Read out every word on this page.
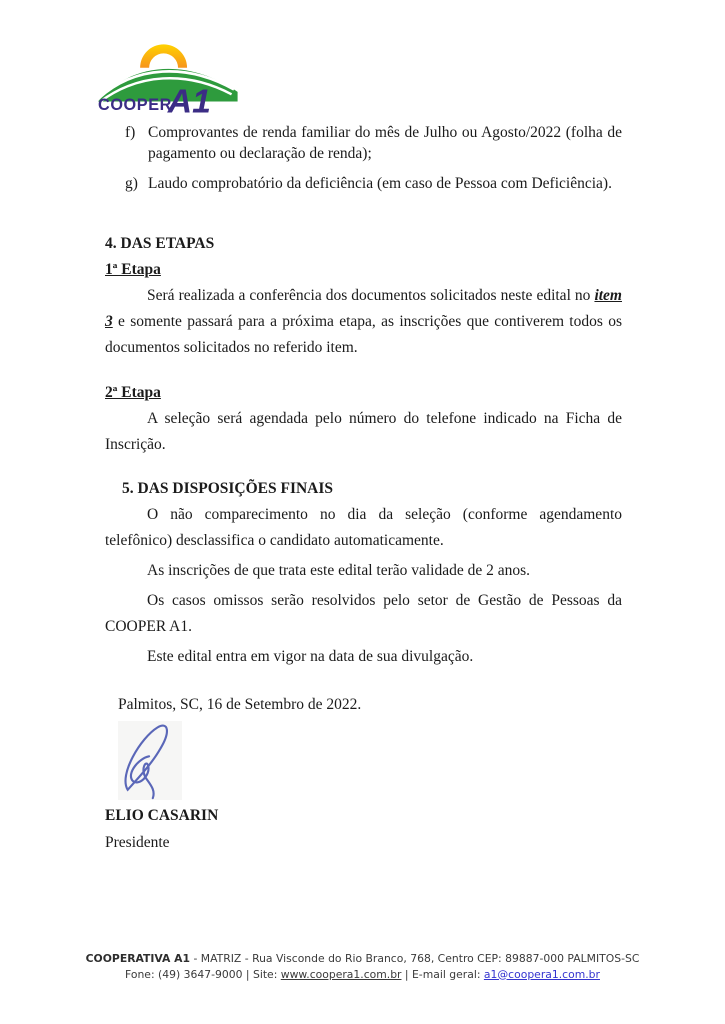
COOPER
A1
f) Comprovantes de renda familiar do mês de Julho ou Agosto/2022 (folha de pagamento ou declaração de renda);
g) Laudo comprobatório da deficiência (em caso de Pessoa com Deficiência).
4. DAS ETAPAS
1ª Etapa

Será realizada a conferência dos documentos solicitados neste edital no item 3 e somente passará para a próxima etapa, as inscrições que contiverem todos os documentos solicitados no referido item.

2ª Etapa

A seleção será agendada pelo número do telefone indicado na Ficha de Inscrição.

5. DAS DISPOSIÇÕES FINAIS

O não comparecimento no dia da seleção (conforme agendamento telefônico) desclassifica o candidato automaticamente.

As inscrições de que trata este edital terão validade de 2 anos.

Os casos omissos serão resolvidos pelo setor de Gestão de Pessoas da COOPER A1.

Este edital entra em vigor na data de sua divulgação.

Palmitos, SC, 16 de Setembro de 2022.
ELIO CASARIN
Presidente
COOPERATIVA A1 - MATRIZ - Rua Visconde do Rio Branco, 768, Centro CEP: 89887-000 PALMITOS-SC
Fone: (49) 3647-9000 | Site: www.coopera1.com.br | E-mail geral: a1@coopera1.com.br
